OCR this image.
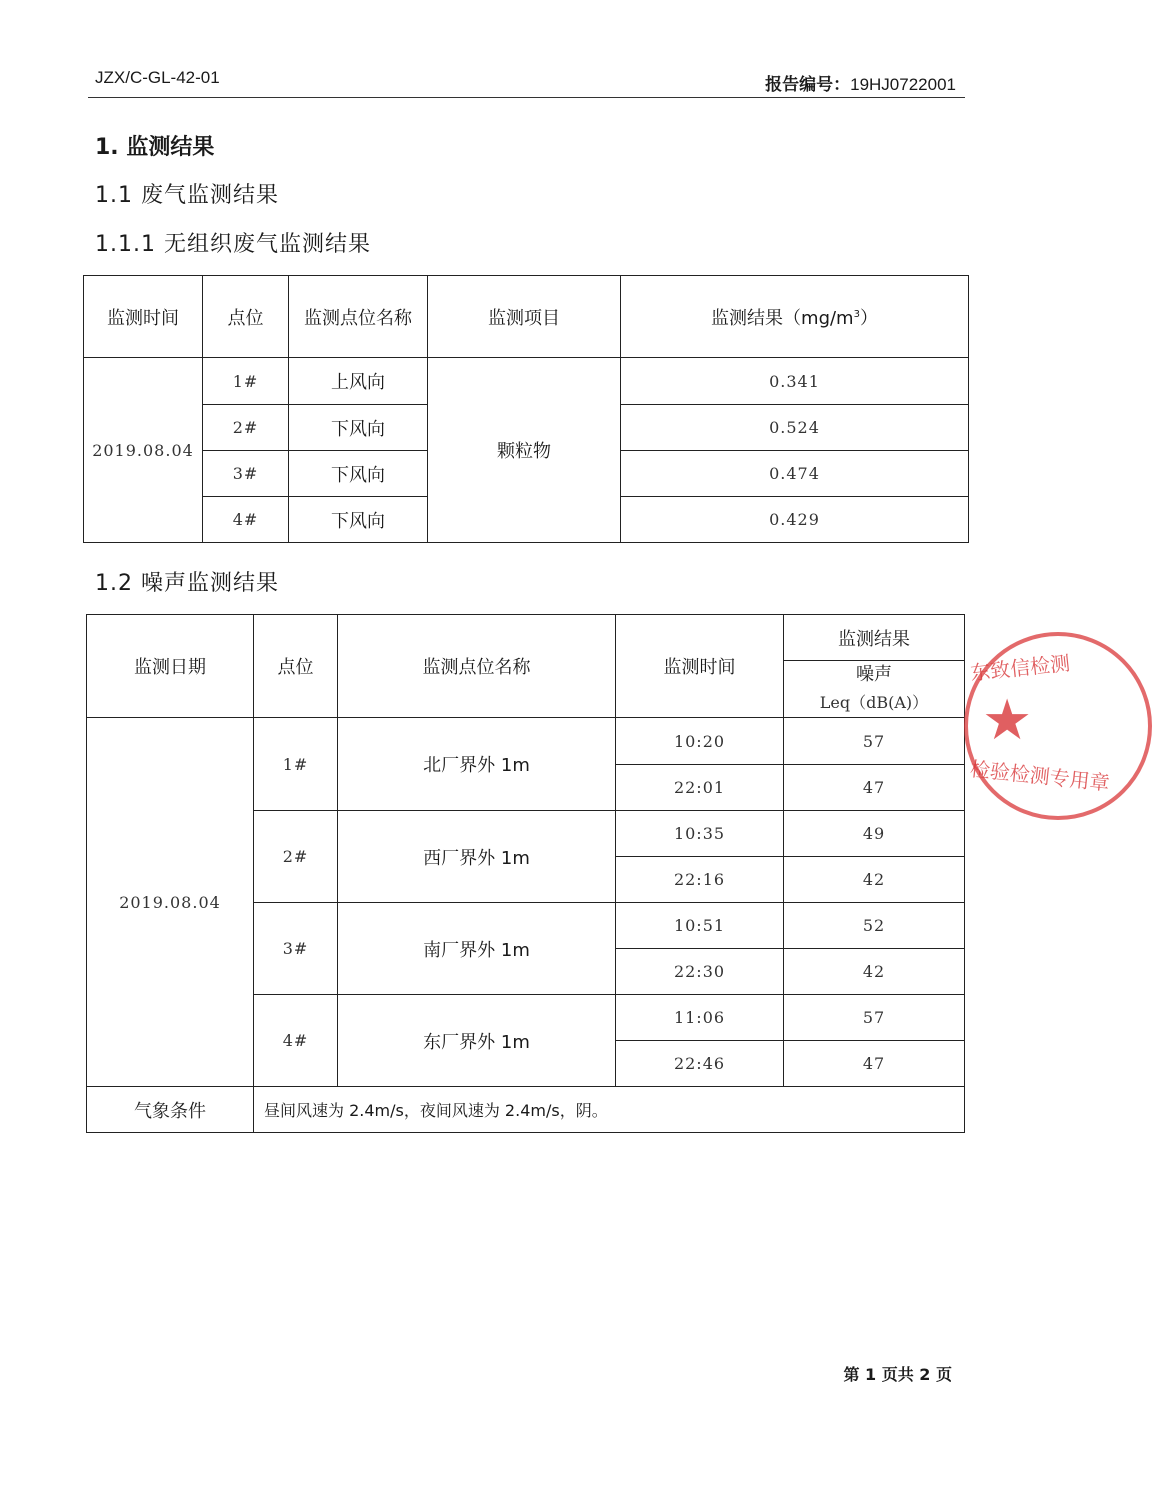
JZX/C-GL-42-01	报告编号：19HJ0722001
1. 监测结果
1.1 废气监测结果
1.1.1 无组织废气监测结果
监测时间	点位	监测点位名称	监测项目	监测结果$(mg/m^3)$
2019.08.04	1#	上风向	颗粒物	0.341
	2#	下风向		0.524
	3#	下风向		0.474
	4#	下风向		0.429
1.2 噪声监测结果
监测日期	点位	监测点位名称	监测时间	监测结果

				噪声
Leq（dB(A)）

2019.08.04	1#	北厂界外 1m	10:20	57
			22:01	47
	2#	西厂界外 1m	10:35	49
			22:16	42
	3#	南厂界外 1m	10:51	52
			22:30	42
	4#	东厂界外 1m	11:06	57
			22:46	47
气象条件	昼间风速为 2.4m/s，夜间风速为 2.4m/s，阴。			
东致信检测
★
检验检测专用章
第 1 页共 2 页
